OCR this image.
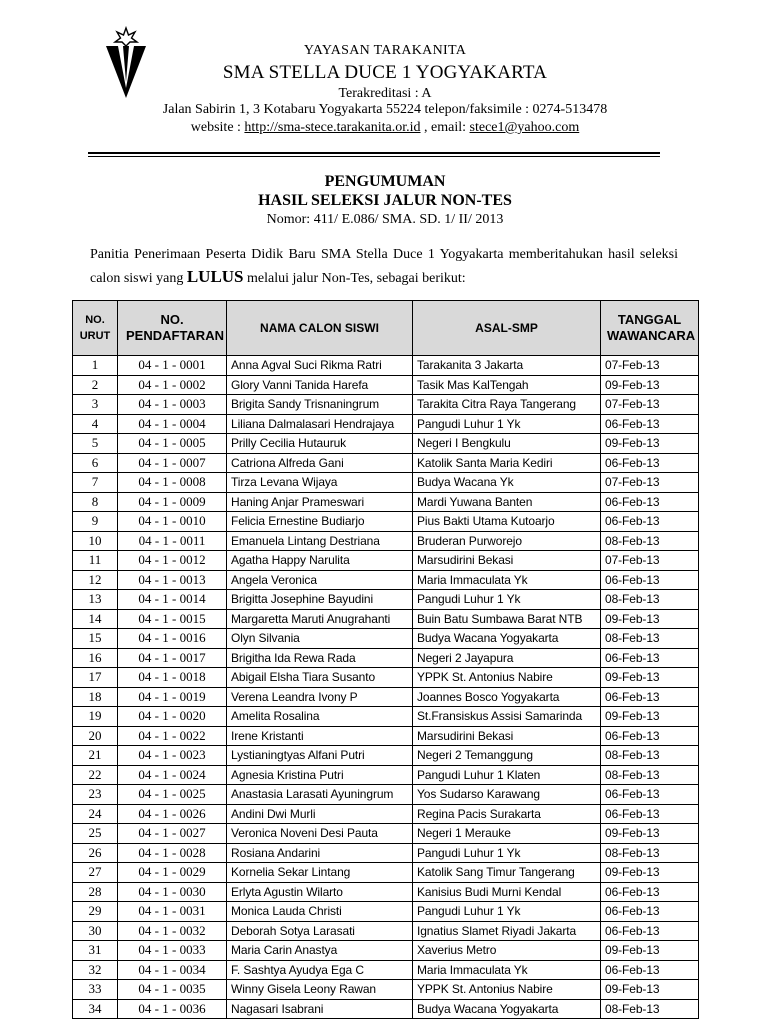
YAYASAN TARAKANITA
SMA STELLA DUCE 1 YOGYAKARTA
Terakreditasi : A
Jalan Sabirin 1, 3 Kotabaru Yogyakarta 55224 telepon/faksimile : 0274-513478
website : http://sma-stece.tarakanita.or.id , email: stece1@yahoo.com
PENGUMUMAN
HASIL SELEKSI JALUR NON-TES
Nomor: 411/ E.086/ SMA. SD. 1/ II/ 2013
Panitia Penerimaan Peserta Didik Baru SMA Stella Duce 1 Yogyakarta memberitahukan hasil seleksi calon siswi yang LULUS melalui jalur Non-Tes, sebagai berikut:
NO. URUT	NO. PENDAFTARAN	NAMA CALON SISWI	ASAL-SMP	TANGGAL WAWANCARA
1	04 - 1 - 0001	Anna Agval Suci Rikma Ratri	Tarakanita 3 Jakarta	07-Feb-13
2	04 - 1 - 0002	Glory Vanni Tanida Harefa	Tasik Mas KalTengah	09-Feb-13
3	04 - 1 - 0003	Brigita Sandy Trisnaningrum	Tarakita Citra Raya Tangerang	07-Feb-13
4	04 - 1 - 0004	Liliana Dalmalasari Hendrajaya	Pangudi Luhur 1 Yk	06-Feb-13
5	04 - 1 - 0005	Prilly Cecilia Hutauruk	Negeri I Bengkulu	09-Feb-13
6	04 - 1 - 0007	Catriona Alfreda Gani	Katolik Santa Maria Kediri	06-Feb-13
7	04 - 1 - 0008	Tirza Levana Wijaya	Budya Wacana Yk	07-Feb-13
8	04 - 1 - 0009	Haning Anjar Prameswari	Mardi Yuwana Banten	06-Feb-13
9	04 - 1 - 0010	Felicia Ernestine Budiarjo	Pius Bakti Utama Kutoarjo	06-Feb-13
10	04 - 1 - 0011	Emanuela Lintang Destriana	Bruderan Purworejo	08-Feb-13
11	04 - 1 - 0012	Agatha Happy Narulita	Marsudirini Bekasi	07-Feb-13
12	04 - 1 - 0013	Angela Veronica	Maria Immaculata Yk	06-Feb-13
13	04 - 1 - 0014	Brigitta Josephine Bayudini	Pangudi Luhur 1 Yk	08-Feb-13
14	04 - 1 - 0015	Margaretta Maruti Anugrahanti	Buin Batu Sumbawa Barat NTB	09-Feb-13
15	04 - 1 - 0016	Olyn Silvania	Budya Wacana Yogyakarta	08-Feb-13
16	04 - 1 - 0017	Brigitha Ida Rewa Rada	Negeri 2 Jayapura	06-Feb-13
17	04 - 1 - 0018	Abigail Elsha Tiara Susanto	YPPK St. Antonius Nabire	09-Feb-13
18	04 - 1 - 0019	Verena Leandra Ivony P	Joannes Bosco Yogyakarta	06-Feb-13
19	04 - 1 - 0020	Amelita Rosalina	St.Fransiskus Assisi Samarinda	09-Feb-13
20	04 - 1 - 0022	Irene Kristanti	Marsudirini Bekasi	06-Feb-13
21	04 - 1 - 0023	Lystianingtyas Alfani Putri	Negeri 2 Temanggung	08-Feb-13
22	04 - 1 - 0024	Agnesia Kristina Putri	Pangudi Luhur 1 Klaten	08-Feb-13
23	04 - 1 - 0025	Anastasia Larasati Ayuningrum	Yos Sudarso Karawang	06-Feb-13
24	04 - 1 - 0026	Andini Dwi Murli	Regina Pacis Surakarta	06-Feb-13
25	04 - 1 - 0027	Veronica Noveni Desi Pauta	Negeri 1 Merauke	09-Feb-13
26	04 - 1 - 0028	Rosiana Andarini	Pangudi Luhur 1 Yk	08-Feb-13
27	04 - 1 - 0029	Kornelia Sekar Lintang	Katolik Sang Timur Tangerang	09-Feb-13
28	04 - 1 - 0030	Erlyta Agustin Wilarto	Kanisius Budi Murni Kendal	06-Feb-13
29	04 - 1 - 0031	Monica Lauda Christi	Pangudi Luhur 1 Yk	06-Feb-13
30	04 - 1 - 0032	Deborah Sotya Larasati	Ignatius Slamet Riyadi Jakarta	06-Feb-13
31	04 - 1 - 0033	Maria Carin Anastya	Xaverius Metro	09-Feb-13
32	04 - 1 - 0034	F. Sashtya Ayudya Ega C	Maria Immaculata Yk	06-Feb-13
33	04 - 1 - 0035	Winny Gisela Leony Rawan	YPPK St. Antonius Nabire	09-Feb-13
34	04 - 1 - 0036	Nagasari Isabrani	Budya Wacana Yogyakarta	08-Feb-13
